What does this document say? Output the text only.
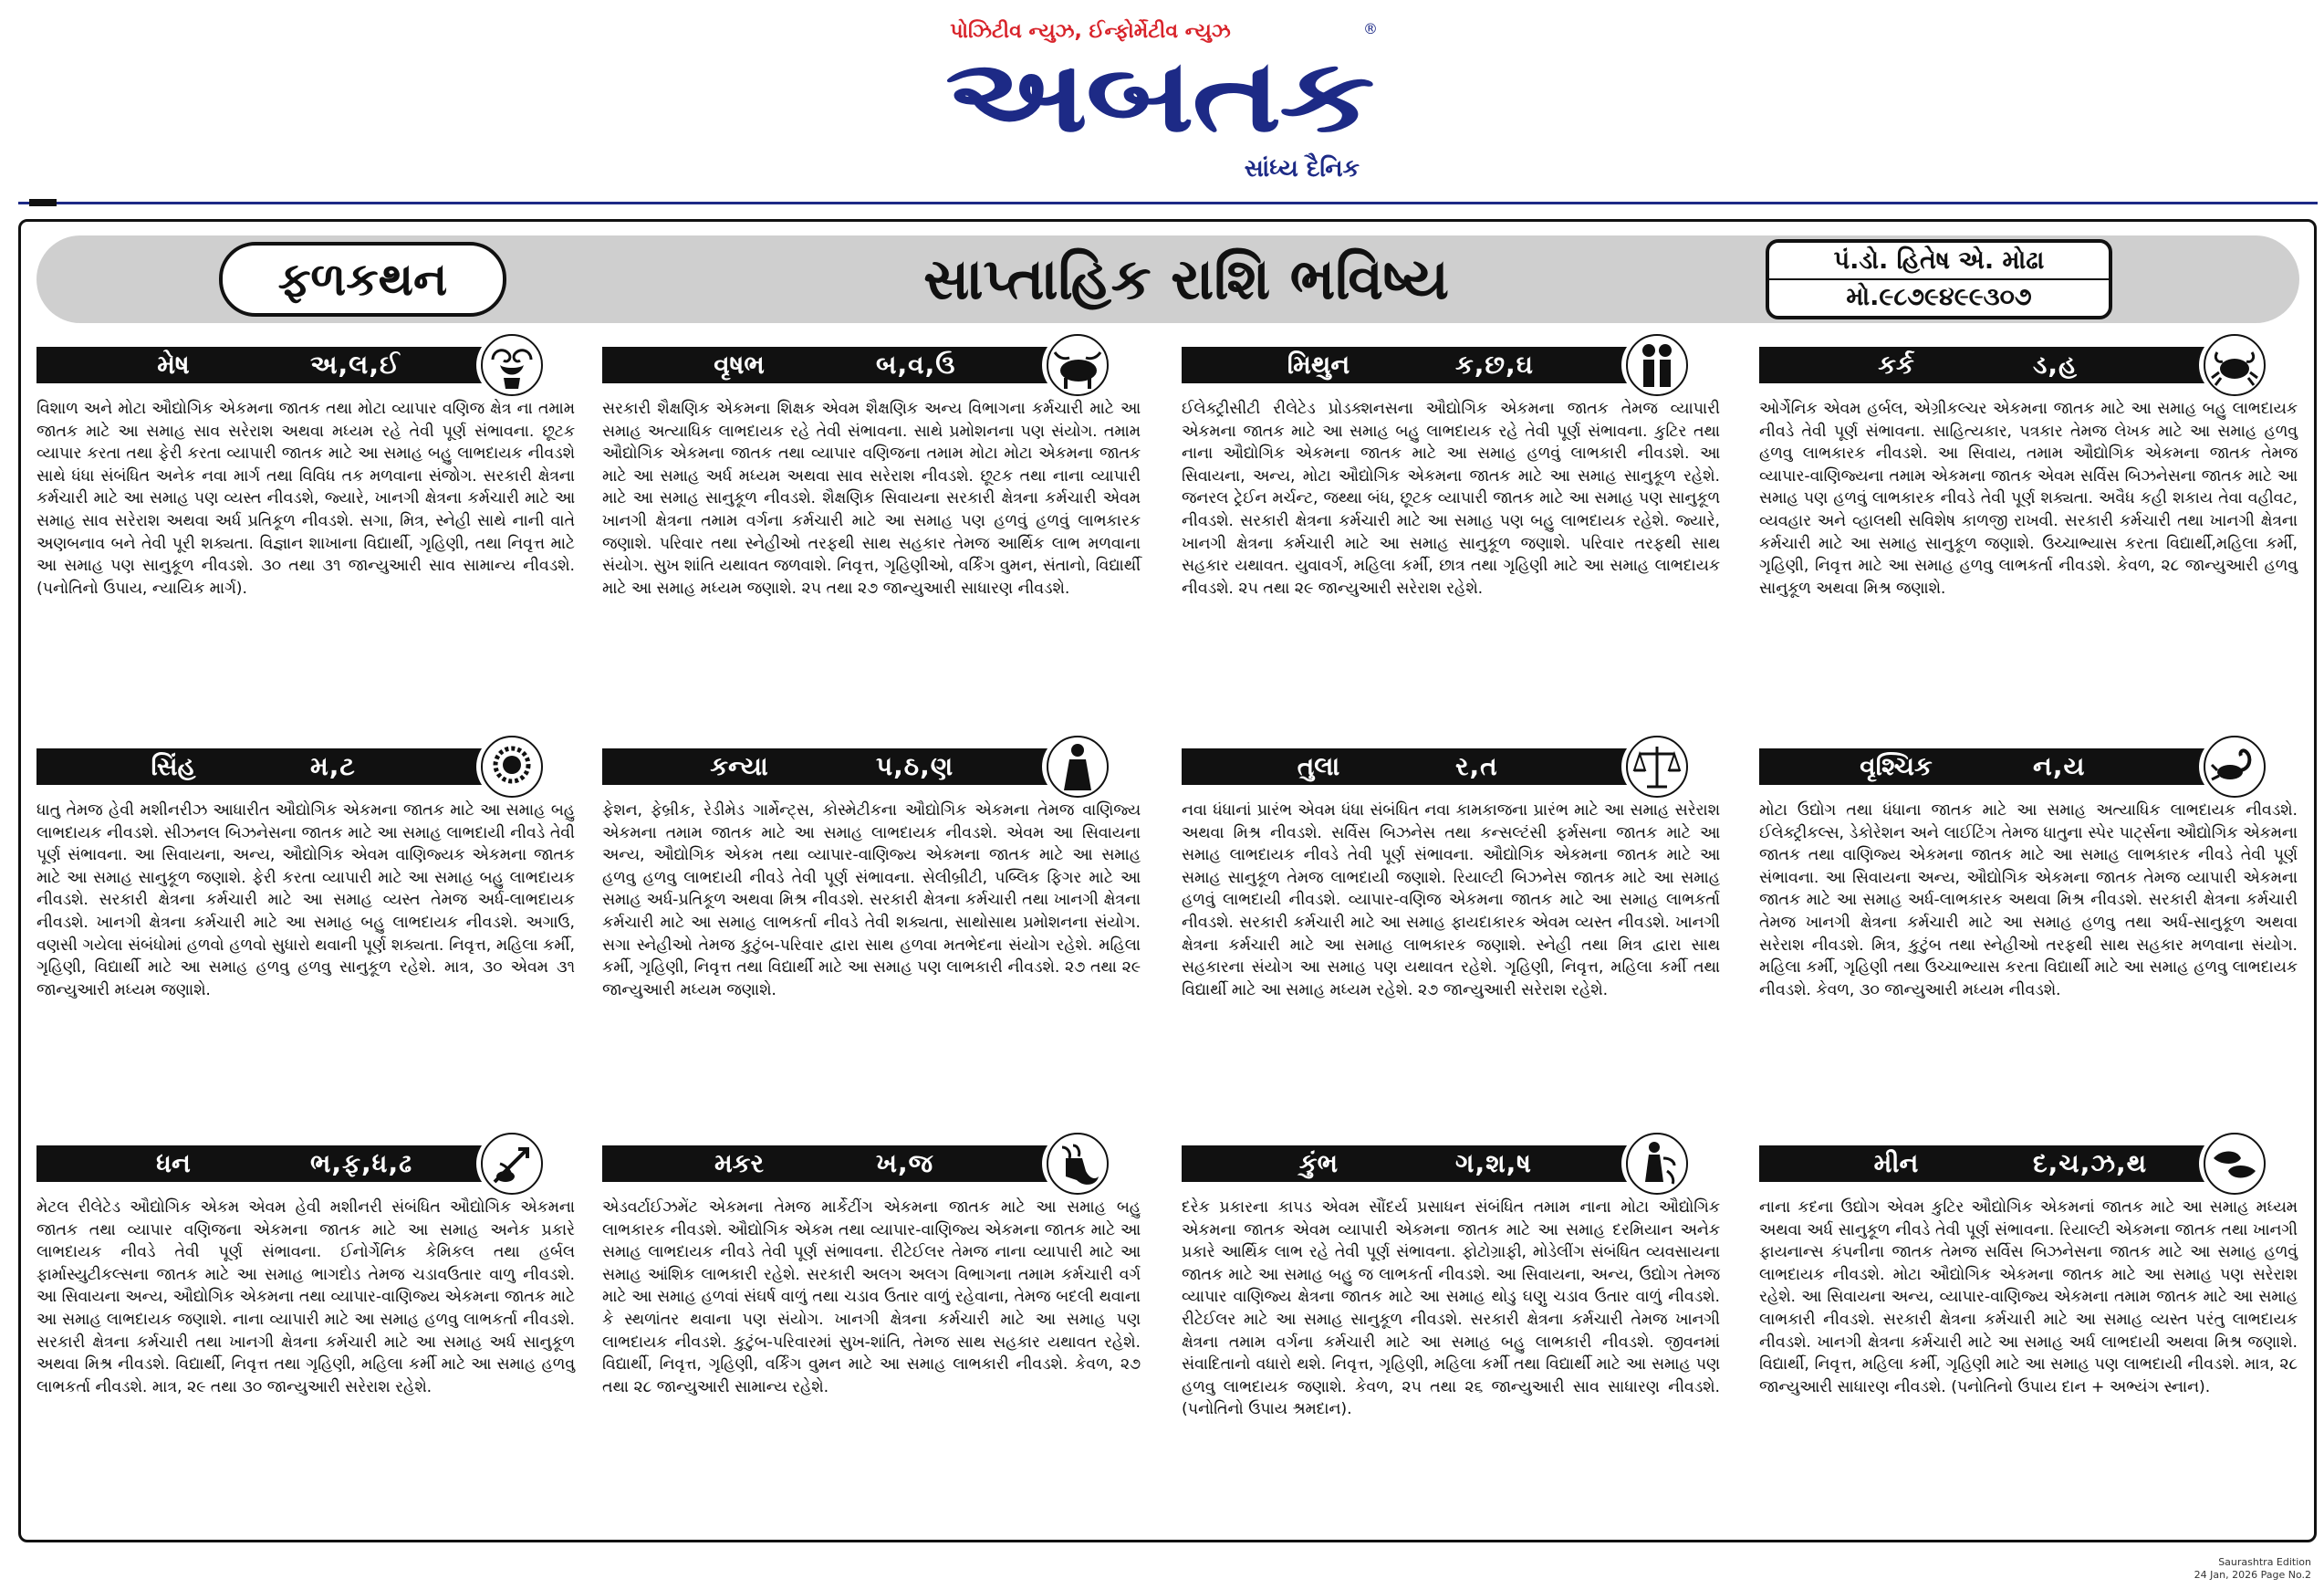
પોઝિટીવ ન્યુઝ, ઈન્ફોર્મેટીવ ન્યુઝ	®
અબતક
સાંધ્ય દૈનિક
ફળકથન	સાપ્તાહિક રાશિ ભવિષ્ય	પં.ડો. હિતેષ એ. મોઢા
મો.૯૮૭૯૪૯૯૩૦૭
મેષ	અ,લ,ઈ
વિશાળ અને મોટા ઔદ્યોગિક એકમના જાતક તથા મોટા વ્યાપાર વણિજ ક્ષેત્ર ના તમામ જાતક માટે આ સમાહ સાવ સરેરાશ અથવા મધ્યમ રહે તેવી પૂર્ણ સંભાવના. છૂટક વ્યાપાર કરતા તથા ફેરી કરતા વ્યાપારી જાતક માટે આ સમાહ બહુ લાભદાયક નીવડશે સાથે ધંધા સંબંધિત અનેક નવા માર્ગ તથા વિવિધ તક મળવાના સંજોગ. સરકારી ક્ષેત્રના કર્મચારી માટે આ સમાહ પણ વ્યસ્ત નીવડશે, જ્યારે, ખાનગી ક્ષેત્રના કર્મચારી માટે આ સમાહ સાવ સરેરાશ અથવા અર્ધ પ્રતિકૂળ નીવડશે. સગા, મિત્ર, સ્નેહી સાથે નાની વાતે અણબનાવ બને તેવી પૂરી શક્યતા. વિજ્ઞાન શાખાના વિદ્યાર્થી, ગૃહિણી, તથા નિવૃત્ત માટે આ સમાહ પણ સાનુકૂળ નીવડશે. ૩૦ તથા ૩૧ જાન્યુઆરી સાવ સામાન્ય નીવડશે. (પનોતિનો ઉપાય, ન્યાયિક માર્ગ).
વૃષભ	બ,વ,ઉ
સરકારી શૈક્ષણિક એકમના શિક્ષક એવમ શૈક્ષણિક અન્ય વિભાગના કર્મચારી માટે આ સમાહ અત્યાધિક લાભદાયક રહે તેવી સંભાવના. સાથે પ્રમોશનના પણ સંયોગ. તમામ ઔદ્યોગિક એકમના જાતક તથા વ્યાપાર વણિજના તમામ મોટા મોટા એકમના જાતક માટે આ સમાહ અર્ધ મધ્યમ અથવા સાવ સરેરાશ નીવડશે. છૂટક તથા નાના વ્યાપારી માટે આ સમાહ સાનુકૂળ નીવડશે. શૈક્ષણિક સિવાયના સરકારી ક્ષેત્રના કર્મચારી એવમ ખાનગી ક્ષેત્રના તમામ વર્ગના કર્મચારી માટે આ સમાહ પણ હળવું હળવું લાભકારક જણાશે. પરિવાર તથા સ્નેહીઓ તરફથી સાથ સહકાર તેમજ આર્થિક લાભ મળવાના સંયોગ. સુખ શાંતિ યથાવત જળવાશે. નિવૃત્ત, ગૃહિણીઓ, વર્કિંગ વુમન, સંતાનો, વિદ્યાર્થી માટે આ સમાહ મધ્યમ જણાશે. ૨૫ તથા ૨૭ જાન્યુઆરી સાધારણ નીવડશે.
મિથુન	ક,છ,ઘ
ઈલેક્ટ્રીસીટી રીલેટેડ પ્રોડક્શનસના ઔદ્યોગિક એકમના જાતક તેમજ વ્યાપારી એકમના જાતક માટે આ સમાહ બહુ લાભદાયક રહે તેવી પૂર્ણ સંભાવના. કુટિર તથા નાના ઔદ્યોગિક એકમના જાતક માટે આ સમાહ હળવું લાભકારી નીવડશે. આ સિવાયના, અન્ય, મોટા ઔદ્યોગિક એકમના જાતક માટે આ સમાહ સાનુકૂળ રહેશે. જનરલ ટ્રેઈન મર્ચન્ટ, જથ્થા બંધ, છૂટક વ્યાપારી જાતક માટે આ સમાહ પણ સાનુકૂળ નીવડશે. સરકારી ક્ષેત્રના કર્મચારી માટે આ સમાહ પણ બહુ લાભદાયક રહેશે. જ્યારે, ખાનગી ક્ષેત્રના કર્મચારી માટે આ સમાહ સાનુકૂળ જણાશે. પરિવાર તરફથી સાથ સહકાર યથાવત. યુવાવર્ગ, મહિલા કર્મી, છાત્ર તથા ગૃહિણી માટે આ સમાહ લાભદાયક નીવડશે. ૨૫ તથા ૨૯ જાન્યુઆરી સરેરાશ રહેશે.
કર્ક	ડ,હ
ઓર્ગેનિક એવમ હર્બલ, એગ્રીકલ્ચર એકમના જાતક માટે આ સમાહ બહુ લાભદાયક નીવડે તેવી પૂર્ણ સંભાવના. સાહિત્યકાર, પત્રકાર તેમજ લેખક માટે આ સમાહ હળવુ હળવુ લાભકારક નીવડશે. આ સિવાય, તમામ ઔદ્યોગિક એકમના જાતક તેમજ વ્યાપાર-વાણિજ્યના તમામ એકમના જાતક એવમ સર્વિસ બિઝનેસના જાતક માટે આ સમાહ પણ હળવું લાભકારક નીવડે તેવી પૂર્ણ શક્યતા. અવૈધ કહી શકાય તેવા વહીવટ, વ્યવહાર અને વ્હાલથી સવિશેષ કાળજી રાખવી. સરકારી કર્મચારી તથા ખાનગી ક્ષેત્રના કર્મચારી માટે આ સમાહ સાનુકૂળ જણાશે. ઉચ્ચાભ્યાસ કરતા વિદ્યાર્થી,મહિલા કર્મી, ગૃહિણી, નિવૃત્ત માટે આ સમાહ હળવુ લાભકર્તા નીવડશે. કેવળ, ૨૮ જાન્યુઆરી હળવુ સાનુકૂળ અથવા મિશ્ર જણાશે.
સિંહ	મ,ટ
ધાતુ તેમજ હેવી મશીનરીઝ આધારીત ઔદ્યોગિક એકમના જાતક માટે આ સમાહ બહુ લાભદાયક નીવડશે. સીઝનલ બિઝનેસના જાતક માટે આ સમાહ લાભદાયી નીવડે તેવી પૂર્ણ સંભાવના. આ સિવાયના, અન્ય, ઔદ્યોગિક એવમ વાણિજ્યક એકમના જાતક માટે આ સમાહ સાનુકૂળ જણાશે. ફેરી કરતા વ્યાપારી માટે આ સમાહ બહુ લાભદાયક નીવડશે. સરકારી ક્ષેત્રના કર્મચારી માટે આ સમાહ વ્યસ્ત તેમજ અર્ધ-લાભદાયક નીવડશે. ખાનગી ક્ષેત્રના કર્મચારી માટે આ સમાહ બહુ લાભદાયક નીવડશે. અગાઉ, વણસી ગયેલા સંબંધોમાં હળવો હળવો સુધારો થવાની પૂર્ણ શક્યતા. નિવૃત્ત, મહિલા કર્મી, ગૃહિણી, વિદ્યાર્થી માટે આ સમાહ હળવુ હળવુ સાનુકૂળ રહેશે. માત્ર, ૩૦ એવમ ૩૧ જાન્યુઆરી મધ્યમ જણાશે.
કન્યા	પ,ઠ,ણ
ફેશન, ફેબ્રીક, રેડીમેડ ગાર્મેન્ટ્સ, કોસ્મેટીકના ઔદ્યોગિક એકમના તેમજ વાણિજ્ય એકમના તમામ જાતક માટે આ સમાહ લાભદાયક નીવડશે. એવમ આ સિવાયના અન્ય, ઔદ્યોગિક એકમ તથા વ્યાપાર-વાણિજ્ય એકમના જાતક માટે આ સમાહ હળવુ હળવુ લાભદાયી નીવડે તેવી પૂર્ણ સંભાવના. સેલીબ્રીટી, પબ્લિક ફિગર માટે આ સમાહ અર્ધ-પ્રતિકૂળ અથવા મિશ્ર નીવડશે. સરકારી ક્ષેત્રના કર્મચારી તથા ખાનગી ક્ષેત્રના કર્મચારી માટે આ સમાહ લાભકર્તા નીવડે તેવી શક્યતા, સાથોસાથ પ્રમોશનના સંયોગ. સગા સ્નેહીઓ તેમજ કુટુંબ-પરિવાર દ્વારા સાથ હળવા મતભેદના સંયોગ રહેશે. મહિલા કર્મી, ગૃહિણી, નિવૃત્ત તથા વિદ્યાર્થી માટે આ સમાહ પણ લાભકારી નીવડશે. ૨૭ તથા ૨૯ જાન્યુઆરી મધ્યમ જણાશે.
તુલા	ર,ત
નવા ધંધાનાં પ્રારંભ એવમ ધંધા સંબંધિત નવા કામકાજના પ્રારંભ માટે આ સમાહ સરેરાશ અથવા મિશ્ર નીવડશે. સર્વિસ બિઝનેસ તથા કન્સલ્ટંસી ફર્મસના જાતક માટે આ સમાહ લાભદાયક નીવડે તેવી પૂર્ણ સંભાવના. ઔદ્યોગિક એકમના જાતક માટે આ સમાહ સાનુકૂળ તેમજ લાભદાયી જણાશે. રિયાલ્ટી બિઝનેસ જાતક માટે આ સમાહ હળવું લાભદાયી નીવડશે. વ્યાપાર-વણિજ એકમના જાતક માટે આ સમાહ લાભકર્તા નીવડશે. સરકારી કર્મચારી માટે આ સમાહ ફાયદાકારક એવમ વ્યસ્ત નીવડશે. ખાનગી ક્ષેત્રના કર્મચારી માટે આ સમાહ લાભકારક જણાશે. સ્નેહી તથા મિત્ર દ્વારા સાથ સહકારના સંયોગ આ સમાહ પણ યથાવત રહેશે. ગૃહિણી, નિવૃત્ત, મહિલા કર્મી તથા વિદ્યાર્થી માટે આ સમાહ મધ્યમ રહેશે. ૨૭ જાન્યુઆરી સરેરાશ રહેશે.
વૃશ્ચિક	ન,ય
મોટા ઉદ્યોગ તથા ધંધાના જાતક માટે આ સમાહ અત્યાધિક લાભદાયક નીવડશે. ઈલેક્ટ્રીકલ્સ, ડેકોરેશન અને લાઈટિંગ તેમજ ધાતુના સ્પેર પાર્ટ્સના ઔદ્યોગિક એકમના જાતક તથા વાણિજ્ય એકમના જાતક માટે આ સમાહ લાભકારક નીવડે તેવી પૂર્ણ સંભાવના. આ સિવાયના અન્ય, ઔદ્યોગિક એકમના જાતક તેમજ વ્યાપારી એકમના જાતક માટે આ સમાહ અર્ધ-લાભકારક અથવા મિશ્ર નીવડશે. સરકારી ક્ષેત્રના કર્મચારી તેમજ ખાનગી ક્ષેત્રના કર્મચારી માટે આ સમાહ હળવુ તથા અર્ધ-સાનુકૂળ અથવા સરેરાશ નીવડશે. મિત્ર, કુટુંબ તથા સ્નેહીઓ તરફથી સાથ સહકાર મળવાના સંયોગ. મહિલા કર્મી, ગૃહિણી તથા ઉચ્ચાભ્યાસ કરતા વિદ્યાર્થી માટે આ સમાહ હળવુ લાભદાયક નીવડશે. કેવળ, ૩૦ જાન્યુઆરી મધ્યમ નીવડશે.
ધન	ભ,ફ,ધ,ઢ
મેટલ રીલેટેડ ઔદ્યોગિક એકમ એવમ હેવી મશીનરી સંબંધિત ઔદ્યોગિક એકમના જાતક તથા વ્યાપાર વણિજના એકમના જાતક માટે આ સમાહ અનેક પ્રકારે લાભદાયક નીવડે તેવી પૂર્ણ સંભાવના. ઈનોર્ગેનિક કેમિકલ તથા હર્બલ ફાર્માસ્યુટીકલ્સના જાતક માટે આ સમાહ ભાગદોડ તેમજ ચડાવઉતાર વાળુ નીવડશે. આ સિવાયના અન્ય, ઔદ્યોગિક એકમના તથા વ્યાપાર-વાણિજ્ય એકમના જાતક માટે આ સમાહ લાભદાયક જણાશે. નાના વ્યાપારી માટે આ સમાહ હળવુ લાભકર્તા નીવડશે. સરકારી ક્ષેત્રના કર્મચારી તથા ખાનગી ક્ષેત્રના કર્મચારી માટે આ સમાહ અર્ધ સાનુકૂળ અથવા મિશ્ર નીવડશે. વિદ્યાર્થી, નિવૃત્ત તથા ગૃહિણી, મહિલા કર્મી માટે આ સમાહ હળવુ લાભકર્તા નીવડશે. માત્ર, ૨૯ તથા ૩૦ જાન્યુઆરી સરેરાશ રહેશે.
મકર	ખ,જ
એડવર્ટાઈઝમેંટ એકમના તેમજ માર્કેટીંગ એકમના જાતક માટે આ સમાહ બહુ લાભકારક નીવડશે. ઔદ્યોગિક એકમ તથા વ્યાપાર-વાણિજ્ય એકમના જાતક માટે આ સમાહ લાભદાયક નીવડે તેવી પૂર્ણ સંભાવના. રીટેઈલર તેમજ નાના વ્યાપારી માટે આ સમાહ આંશિક લાભકારી રહેશે. સરકારી અલગ અલગ વિભાગના તમામ કર્મચારી વર્ગ માટે આ સમાહ હળવાં સંઘર્ષ વાળું તથા ચડાવ ઉતાર વાળું રહેવાના, તેમજ બદલી થવાના કે સ્થળાંતર થવાના પણ સંયોગ. ખાનગી ક્ષેત્રના કર્મચારી માટે આ સમાહ પણ લાભદાયક નીવડશે. કુટુંબ-પરિવારમાં સુખ-શાંતિ, તેમજ સાથ સહકાર યથાવત રહેશે. વિદ્યાર્થી, નિવૃત્ત, ગૃહિણી, વર્કિંગ વુમન માટે આ સમાહ લાભકારી નીવડશે. કેવળ, ૨૭ તથા ૨૮ જાન્યુઆરી સામાન્ય રહેશે.
કુંભ	ગ,શ,ષ
દરેક પ્રકારના કાપડ એવમ સૌંદર્ય પ્રસાધન સંબંધિત તમામ નાના મોટા ઔદ્યોગિક એકમના જાતક એવમ વ્યાપારી એકમના જાતક માટે આ સમાહ દરમિયાન અનેક પ્રકારે આર્થિક લાભ રહે તેવી પૂર્ણ સંભાવના. ફોટોગ્રાફી, મોડેલીંગ સંબંધિત વ્યવસાયના જાતક માટે આ સમાહ બહુ જ લાભકર્તા નીવડશે. આ સિવાયના, અન્ય, ઉદ્યોગ તેમજ વ્યાપાર વાણિજ્ય ક્ષેત્રના જાતક માટે આ સમાહ થોડુ ઘણુ ચડાવ ઉતાર વાળું નીવડશે. રીટેઈલર માટે આ સમાહ સાનુકૂળ નીવડશે. સરકારી ક્ષેત્રના કર્મચારી તેમજ ખાનગી ક્ષેત્રના તમામ વર્ગના કર્મચારી માટે આ સમાહ બહુ લાભકારી નીવડશે. જીવનમાં સંવાદિતાનો વધારો થશે. નિવૃત્ત, ગૃહિણી, મહિલા કર્મી તથા વિદ્યાર્થી માટે આ સમાહ પણ હળવુ લાભદાયક જણાશે. કેવળ, ૨૫ તથા ૨૬ જાન્યુઆરી સાવ સાધારણ નીવડશે. (પનોતિનો ઉપાય શ્રમદાન).
મીન	દ,ચ,ઝ,થ
નાના કદના ઉદ્યોગ એવમ કુટિર ઔદ્યોગિક એકમનાં જાતક માટે આ સમાહ મધ્યમ અથવા અર્ધ સાનુકૂળ નીવડે તેવી પૂર્ણ સંભાવના. રિયાલ્ટી એકમના જાતક તથા ખાનગી ફાયનાન્સ કંપનીના જાતક તેમજ સર્વિસ બિઝનેસના જાતક માટે આ સમાહ હળવું લાભદાયક નીવડશે. મોટા ઔદ્યોગિક એકમના જાતક માટે આ સમાહ પણ સરેરાશ રહેશે. આ સિવાયના અન્ય, વ્યાપાર-વાણિજ્ય એકમના તમામ જાતક માટે આ સમાહ લાભકારી નીવડશે. સરકારી ક્ષેત્રના કર્મચારી માટે આ સમાહ વ્યસ્ત પરંતુ લાભદાયક નીવડશે. ખાનગી ક્ષેત્રના કર્મચારી માટે આ સમાહ અર્ધ લાભદાયી અથવા મિશ્ર જણાશે. વિદ્યાર્થી, નિવૃત્ત, મહિલા કર્મી, ગૃહિણી માટે આ સમાહ પણ લાભદાયી નીવડશે. માત્ર, ૨૮ જાન્યુઆરી સાધારણ નીવડશે. (પનોતિનો ઉપાય દાન + અભ્યંગ સ્નાન).
Saurashtra Edition
24 Jan, 2026 Page No.2
